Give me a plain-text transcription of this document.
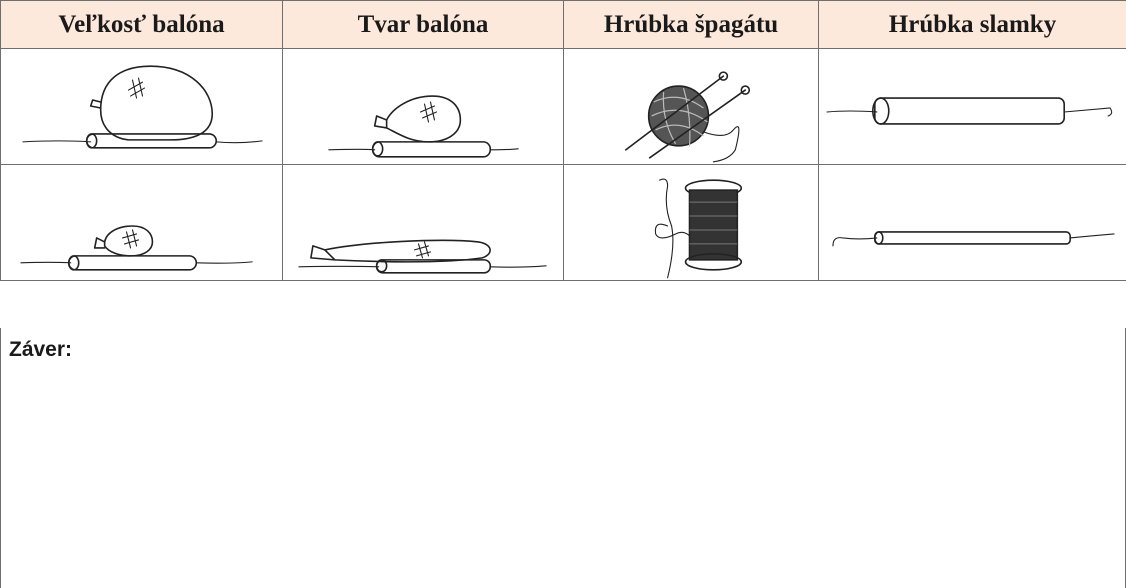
Veľkosť balóna	Tvar balóna	Hrúbka špagátu	Hrúbka slamky

Záver:
